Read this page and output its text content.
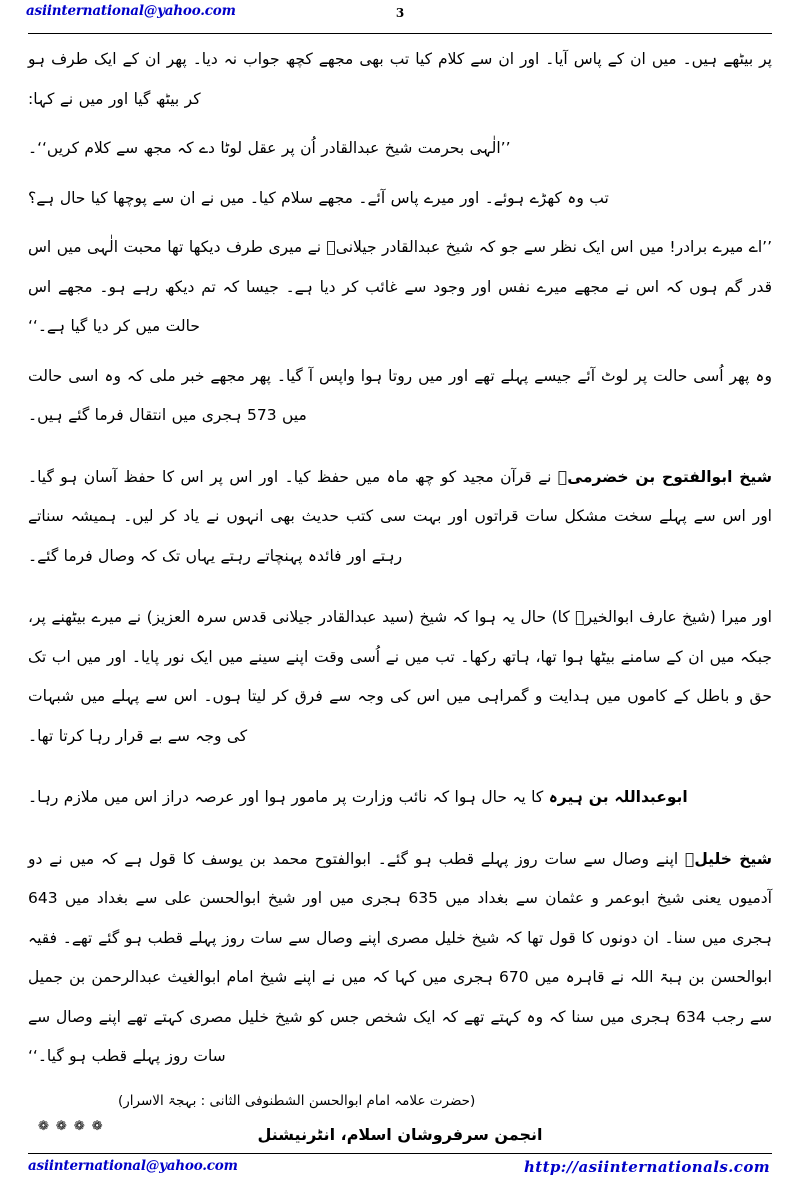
asiinternational@yahoo.com	3

پر بیٹھے ہیں۔ میں ان کے پاس آیا۔ اور ان سے کلام کیا تب بھی مجھے کچھ جواب نہ دیا۔ پھر ان کے ایک طرف ہو کر بیٹھ گیا اور میں نے کہا:

’’الٰہی بحرمت شیخ عبدالقادر اُن پر عقل لوٹا دے کہ مجھ سے کلام کریں‘‘۔

تب وہ کھڑے ہوئے۔ اور میرے پاس آئے۔ مجھے سلام کیا۔ میں نے ان سے پوچھا کیا حال ہے؟

’’اے میرے برادر! میں اس ایک نظر سے جو کہ شیخ عبدالقادر جیلانیؒ نے میری طرف دیکھا تھا محبت الٰہی میں اس قدر گم ہوں کہ اس نے مجھے میرے نفس اور وجود سے غائب کر دیا ہے۔ جیسا کہ تم دیکھ رہے ہو۔ مجھے اس حالت میں کر دیا گیا ہے۔‘‘

وہ پھر اُسی حالت پر لوٹ آئے جیسے پہلے تھے اور میں روتا ہوا واپس آ گیا۔ پھر مجھے خبر ملی کہ وہ اسی حالت میں 573 ہجری میں انتقال فرما گئے ہیں۔

شیخ ابوالفتوح بن خضرمیؒ نے قرآن مجید کو چھ ماہ میں حفظ کیا۔ اور اس پر اس کا حفظ آسان ہو گیا۔ اور اس سے پہلے سخت مشکل سات قراتوں اور بہت سی کتب حدیث بھی انہوں نے یاد کر لیں۔ ہمیشہ سناتے رہتے اور فائدہ پہنچاتے رہتے یہاں تک کہ وصال فرما گئے۔

اور میرا (شیخ عارف ابوالخیرؒ کا) حال یہ ہوا کہ شیخ (سید عبدالقادر جیلانی قدس سرہ العزیز) نے میرے بیٹھنے پر، جبکہ میں ان کے سامنے بیٹھا ہوا تھا، ہاتھ رکھا۔ تب میں نے اُسی وقت اپنے سینے میں ایک نور پایا۔ اور میں اب تک حق و باطل کے کاموں میں ہدایت و گمراہی میں اس کی وجہ سے فرق کر لیتا ہوں۔ اس سے پہلے میں شبہات کی وجہ سے بے قرار رہا کرتا تھا۔

ابوعبداللہ بن ہیرہ کا یہ حال ہوا کہ نائب وزارت پر مامور ہوا اور عرصہ دراز اس میں ملازم رہا۔

شیخ خلیلؒ اپنے وصال سے سات روز پہلے قطب ہو گئے۔ ابوالفتوح محمد بن یوسف کا قول ہے کہ میں نے دو آدمیوں یعنی شیخ ابوعمر و عثمان سے بغداد میں 635 ہجری میں اور شیخ ابوالحسن علی سے بغداد میں 643 ہجری میں سنا۔ ان دونوں کا قول تھا کہ شیخ خلیل مصری اپنے وصال سے سات روز پہلے قطب ہو گئے تھے۔ فقیہ ابوالحسن بن ہبۃ اللہ نے قاہرہ میں 670 ہجری میں کہا کہ میں نے اپنے شیخ امام ابوالغیث عبدالرحمن بن جمیل سے رجب 634 ہجری میں سنا کہ وہ کہتے تھے کہ ایک شخص جس کو شیخ خلیل مصری کہتے تھے اپنے وصال سے سات روز پہلے قطب ہو گیا۔‘‘

(حضرت علامہ امام ابوالحسن الشطنوفی الثانی : بہجۃ الاسرار)
❁❁❁❁	انجمن سرفروشان اسلام، انٹرنیشنل
asiinternational@yahoo.com	http://asiinternationals.com
